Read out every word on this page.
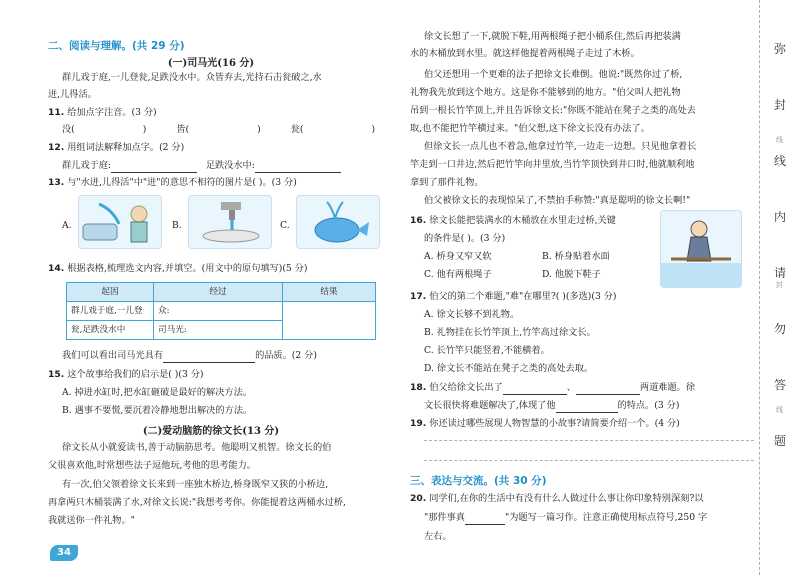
二、阅读与理解。(共 29 分)
(一)司马光(16 分)
群儿戏于庭,一儿登瓮,足跌没水中。众皆弃去,光持石击瓮破之,水
迸,儿得活。
11. 给加点字注音。(3 分)
没(	)	皆(	)	瓮(	)
12. 用组词法解释加点字。(2 分)
群儿戏于庭:	足跌没水中:
13. 与"水迸,儿得活"中"迸"的意思不相符的图片是( )。(3 分)
A.	B.	C.
14. 根据表格,梳理选文内容,并填空。(用文中的原句填写)(5 分)
起因	经过	结果
群儿戏于庭,一儿登	众:	
瓮,足跌没水中	司马光:	
我们可以看出司马光具有	的品质。(2 分)
15. 这个故事给我们的启示是( )(3 分)
A. 掉进水缸时,把水缸砸破是最好的解决方法。
B. 遇事不要慌,要沉着冷静地想出解决的方法。
(二)爱动脑筋的徐文长(13 分)
徐文长从小就爱读书,善于动脑筋思考。他聪明又机智。徐文长的伯
父很喜欢他,时常想些法子逗他玩,考他的思考能力。
有一次,伯父领着徐文长来到一座独木桥边,桥身既窄又狭的小桥边,
再拿两只木桶装满了水,对徐文长说:"我想考考你。你能提着这两桶水过桥,
我就送你一件礼物。"
34
徐文长想了一下,就脱下鞋,用两根绳子把小桶系住,然后再把装满
水的木桶放到水里。就这样他提着两根绳子走过了木桥。
伯父还想用一个更难的法子把徐文长难倒。他说:"既然你过了桥,
礼物我先放到这个地方。这是你不能够到的地方。"伯父叫人把礼物
吊到一根长竹竿顶上,并且告诉徐文长:"你既不能站在凳子之类的高处去
取,也不能把竹竿横过来。"伯父想,这下徐文长没有办法了。
但徐文长一点儿也不着急,他拿过竹竿,一边走一边想。只见他拿着长
竿走到一口井边,然后把竹竿向井里放,当竹竿顶快到井口时,他就顺利地
拿到了那件礼物。
伯父被徐文长的表现惊呆了,不禁拍手称赞:"真是聪明的徐文长啊!"
16. 徐文长能把装满水的木桶放在水里走过桥,关键
的条件是( )。(3 分)
A. 桥身又窄又软	B. 桥身贴着水面
C. 他有两根绳子	D. 他脱下鞋子
17. 伯父的第二个难题,"难"在哪里?( )(多选)(3 分)
A. 徐文长够不到礼物。
B. 礼物挂在长竹竿顶上,竹竿高过徐文长。
C. 长竹竿只能竖着,不能横着。
D. 徐文长不能站在凳子之类的高处去取。
18. 伯父给徐文长出了	、	两道难题。徐
文长很快将难题解决了,体现了他	的特点。(3 分)
19. 你还读过哪些展现人物智慧的小故事?请简要介绍一个。(4 分)
三、表达与交流。(共 30 分)
20. 同学们,在你的生活中有没有什么人做过什么事让你印象特别深刻?以
"那件事真	"为题写一篇习作。注意正确使用标点符号,250 字
左右。
弥
封
线
内
请
勿
答
题
线
封
线
